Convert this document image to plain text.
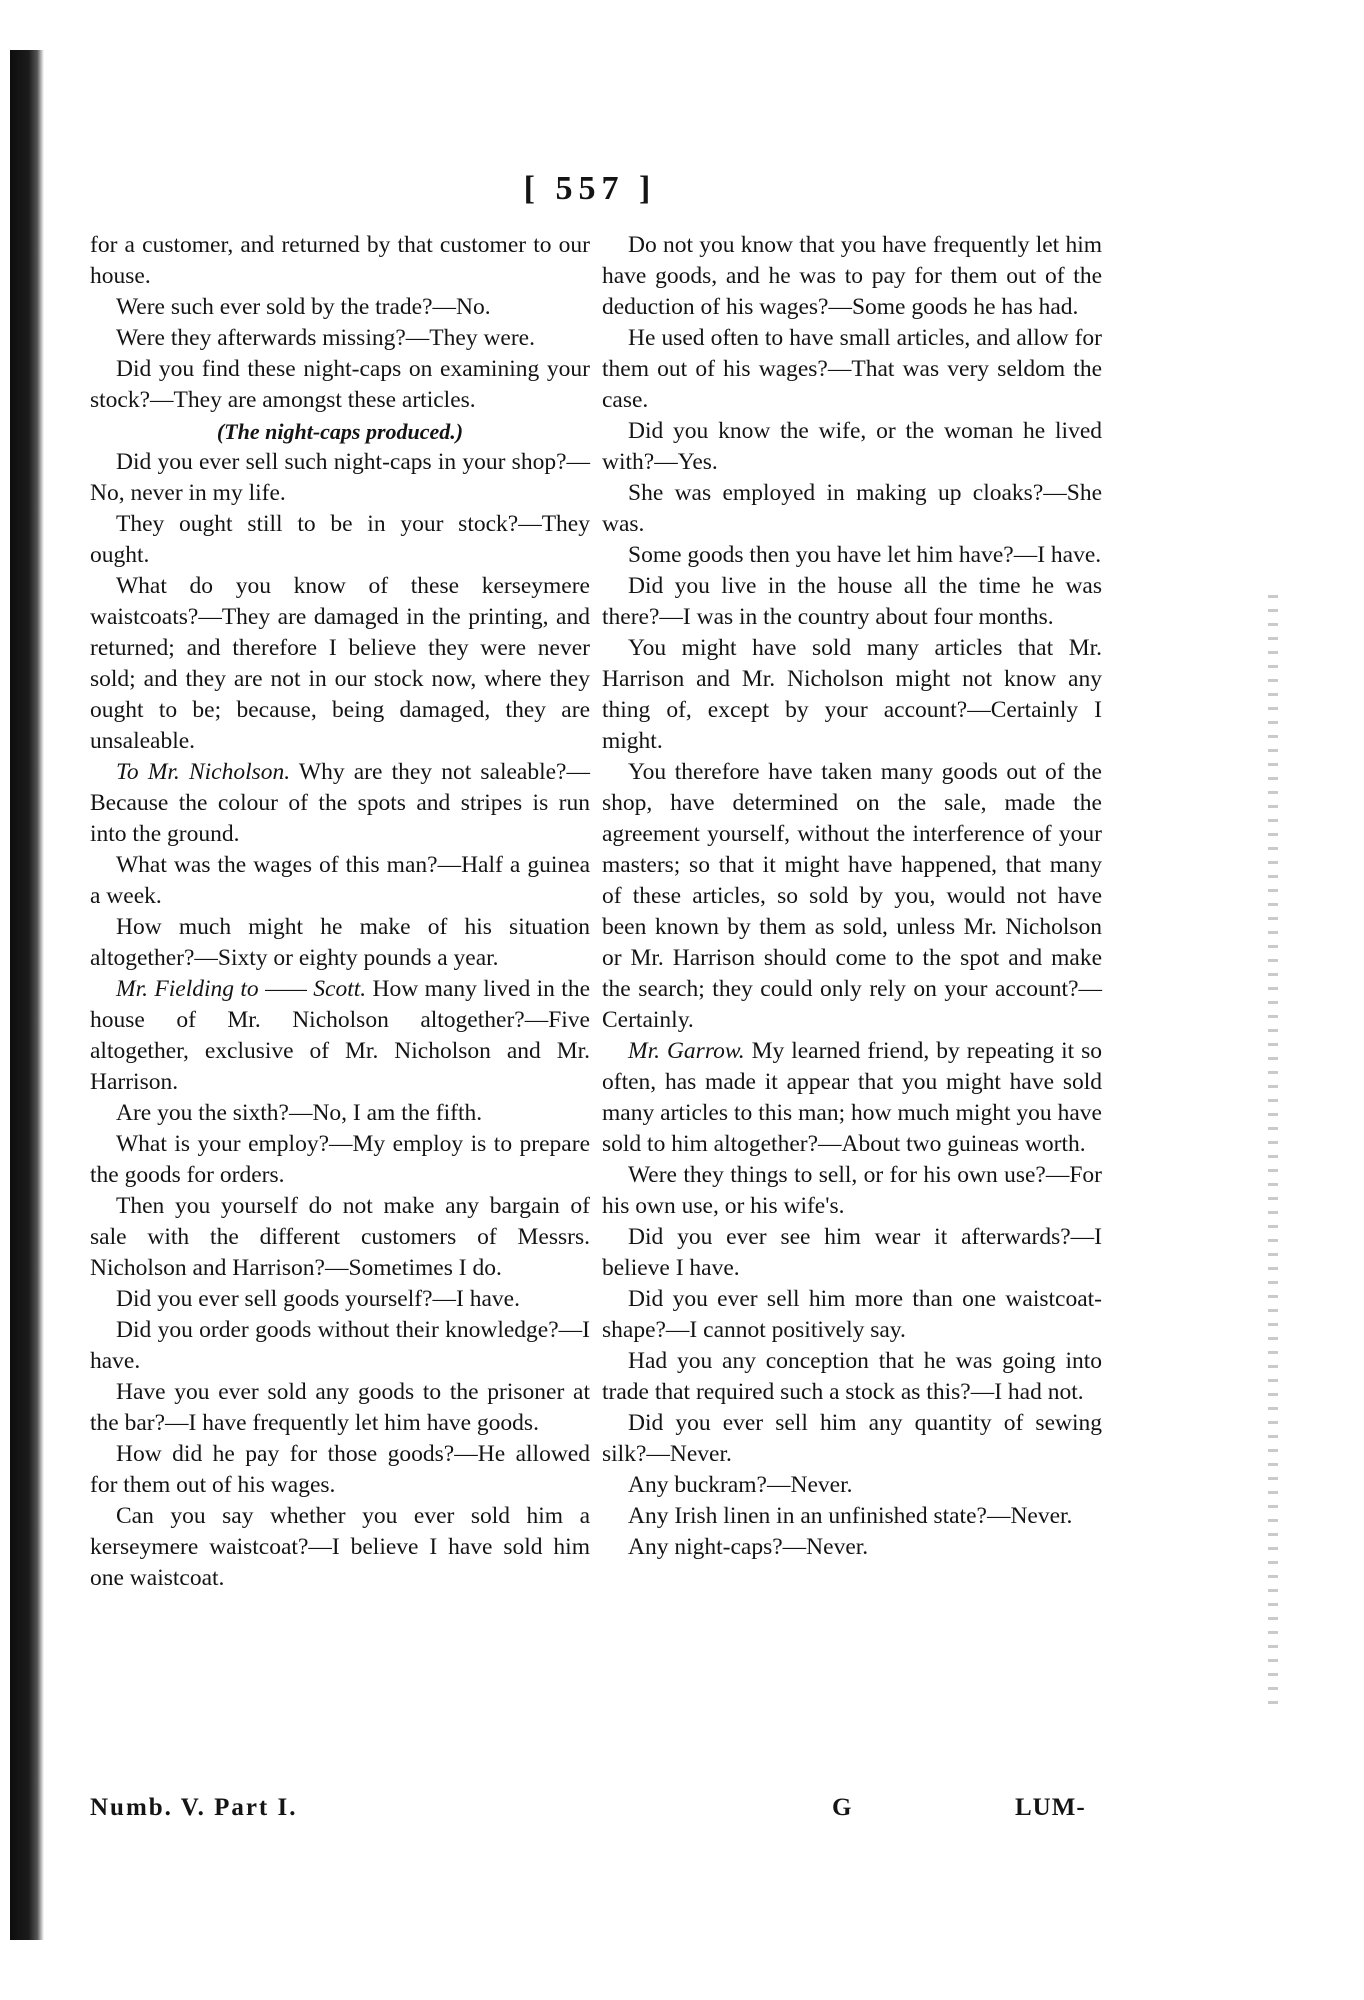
[ 557 ]

for a customer, and returned by that customer to our house.

Were such ever sold by the trade?—No.

Were they afterwards missing?—They were.

Did you find these night-caps on examining your stock?—They are amongst these articles.

(The night-caps produced.)

Did you ever sell such night-caps in your shop?—No, never in my life.

They ought still to be in your stock?—They ought.

What do you know of these kerseymere waistcoats?—They are damaged in the printing, and returned; and therefore I believe they were never sold; and they are not in our stock now, where they ought to be; because, being damaged, they are unsaleable.

To Mr. Nicholson. Why are they not saleable?—Because the colour of the spots and stripes is run into the ground.

What was the wages of this man?—Half a guinea a week.

How much might he make of his situation altogether?—Sixty or eighty pounds a year.

Mr. Fielding to —— Scott. How many lived in the house of Mr. Nicholson altogether?—Five altogether, exclusive of Mr. Nicholson and Mr. Harrison.

Are you the sixth?—No, I am the fifth.

What is your employ?—My employ is to prepare the goods for orders.

Then you yourself do not make any bargain of sale with the different customers of Messrs. Nicholson and Harrison?—Sometimes I do.

Did you ever sell goods yourself?—I have.

Did you order goods without their knowledge?—I have.

Have you ever sold any goods to the prisoner at the bar?—I have frequently let him have goods.

How did he pay for those goods?—He allowed for them out of his wages.

Can you say whether you ever sold him a kerseymere waistcoat?—I believe I have sold him one waistcoat.

Do not you know that you have frequently let him have goods, and he was to pay for them out of the deduction of his wages?—Some goods he has had.

He used often to have small articles, and allow for them out of his wages?—That was very seldom the case.

Did you know the wife, or the woman he lived with?—Yes.

She was employed in making up cloaks?—She was.

Some goods then you have let him have?—I have.

Did you live in the house all the time he was there?—I was in the country about four months.

You might have sold many articles that Mr. Harrison and Mr. Nicholson might not know any thing of, except by your account?—Certainly I might.

You therefore have taken many goods out of the shop, have determined on the sale, made the agreement yourself, without the interference of your masters; so that it might have happened, that many of these articles, so sold by you, would not have been known by them as sold, unless Mr. Nicholson or Mr. Harrison should come to the spot and make the search; they could only rely on your account?—Certainly.

Mr. Garrow. My learned friend, by repeating it so often, has made it appear that you might have sold many articles to this man; how much might you have sold to him altogether?—About two guineas worth.

Were they things to sell, or for his own use?—For his own use, or his wife's.

Did you ever see him wear it afterwards?—I believe I have.

Did you ever sell him more than one waistcoat-shape?—I cannot positively say.

Had you any conception that he was going into trade that required such a stock as this?—I had not.

Did you ever sell him any quantity of sewing silk?—Never.

Any buckram?—Never.

Any Irish linen in an unfinished state?—Never.

Any night-caps?—Never.

Numb. V. Part I.	G	LUM-
